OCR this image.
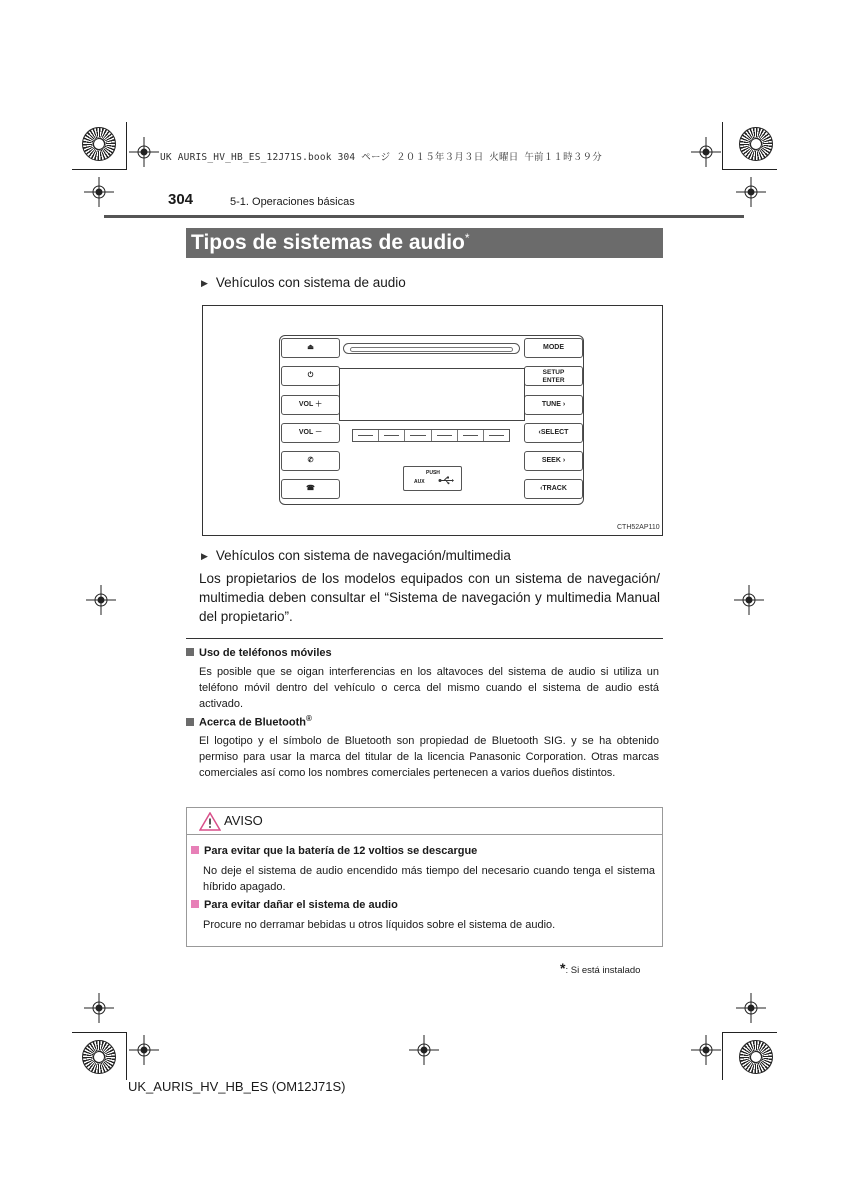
UK AURIS_HV_HB_ES_12J71S.book 304 ページ ２０１５年３月３日 火曜日 午前１１時３９分
304	5-1. Operaciones básicas
Tipos de sistemas de audio*
▶ Vehículos con sistema de audio
⏏
⏻
VOL ＋
VOL －
✆
☎
MODE
SETUP
ENTER
TUNE ›
‹SELECT
SEEK ›
‹TRACK
PUSH
AUX
CTH52AP110
▶ Vehículos con sistema de navegación/multimedia
Los propietarios de los modelos equipados con un sistema de navegación/ multimedia deben consultar el “Sistema de navegación y multimedia Manual del propietario”.
Uso de teléfonos móviles
Es posible que se oigan interferencias en los altavoces del sistema de audio si utiliza un teléfono móvil dentro del vehículo o cerca del mismo cuando el sistema de audio está activado.
Acerca de Bluetooth®
El logotipo y el símbolo de Bluetooth son propiedad de Bluetooth SIG. y se ha obtenido permiso para usar la marca del titular de la licencia Panasonic Corporation. Otras marcas comerciales así como los nombres comerciales pertenecen a varios dueños distintos.
AVISO
Para evitar que la batería de 12 voltios se descargue
No deje el sistema de audio encendido más tiempo del necesario cuando tenga el sistema híbrido apagado.
Para evitar dañar el sistema de audio
Procure no derramar bebidas u otros líquidos sobre el sistema de audio.
*: Si está instalado
UK_AURIS_HV_HB_ES (OM12J71S)
